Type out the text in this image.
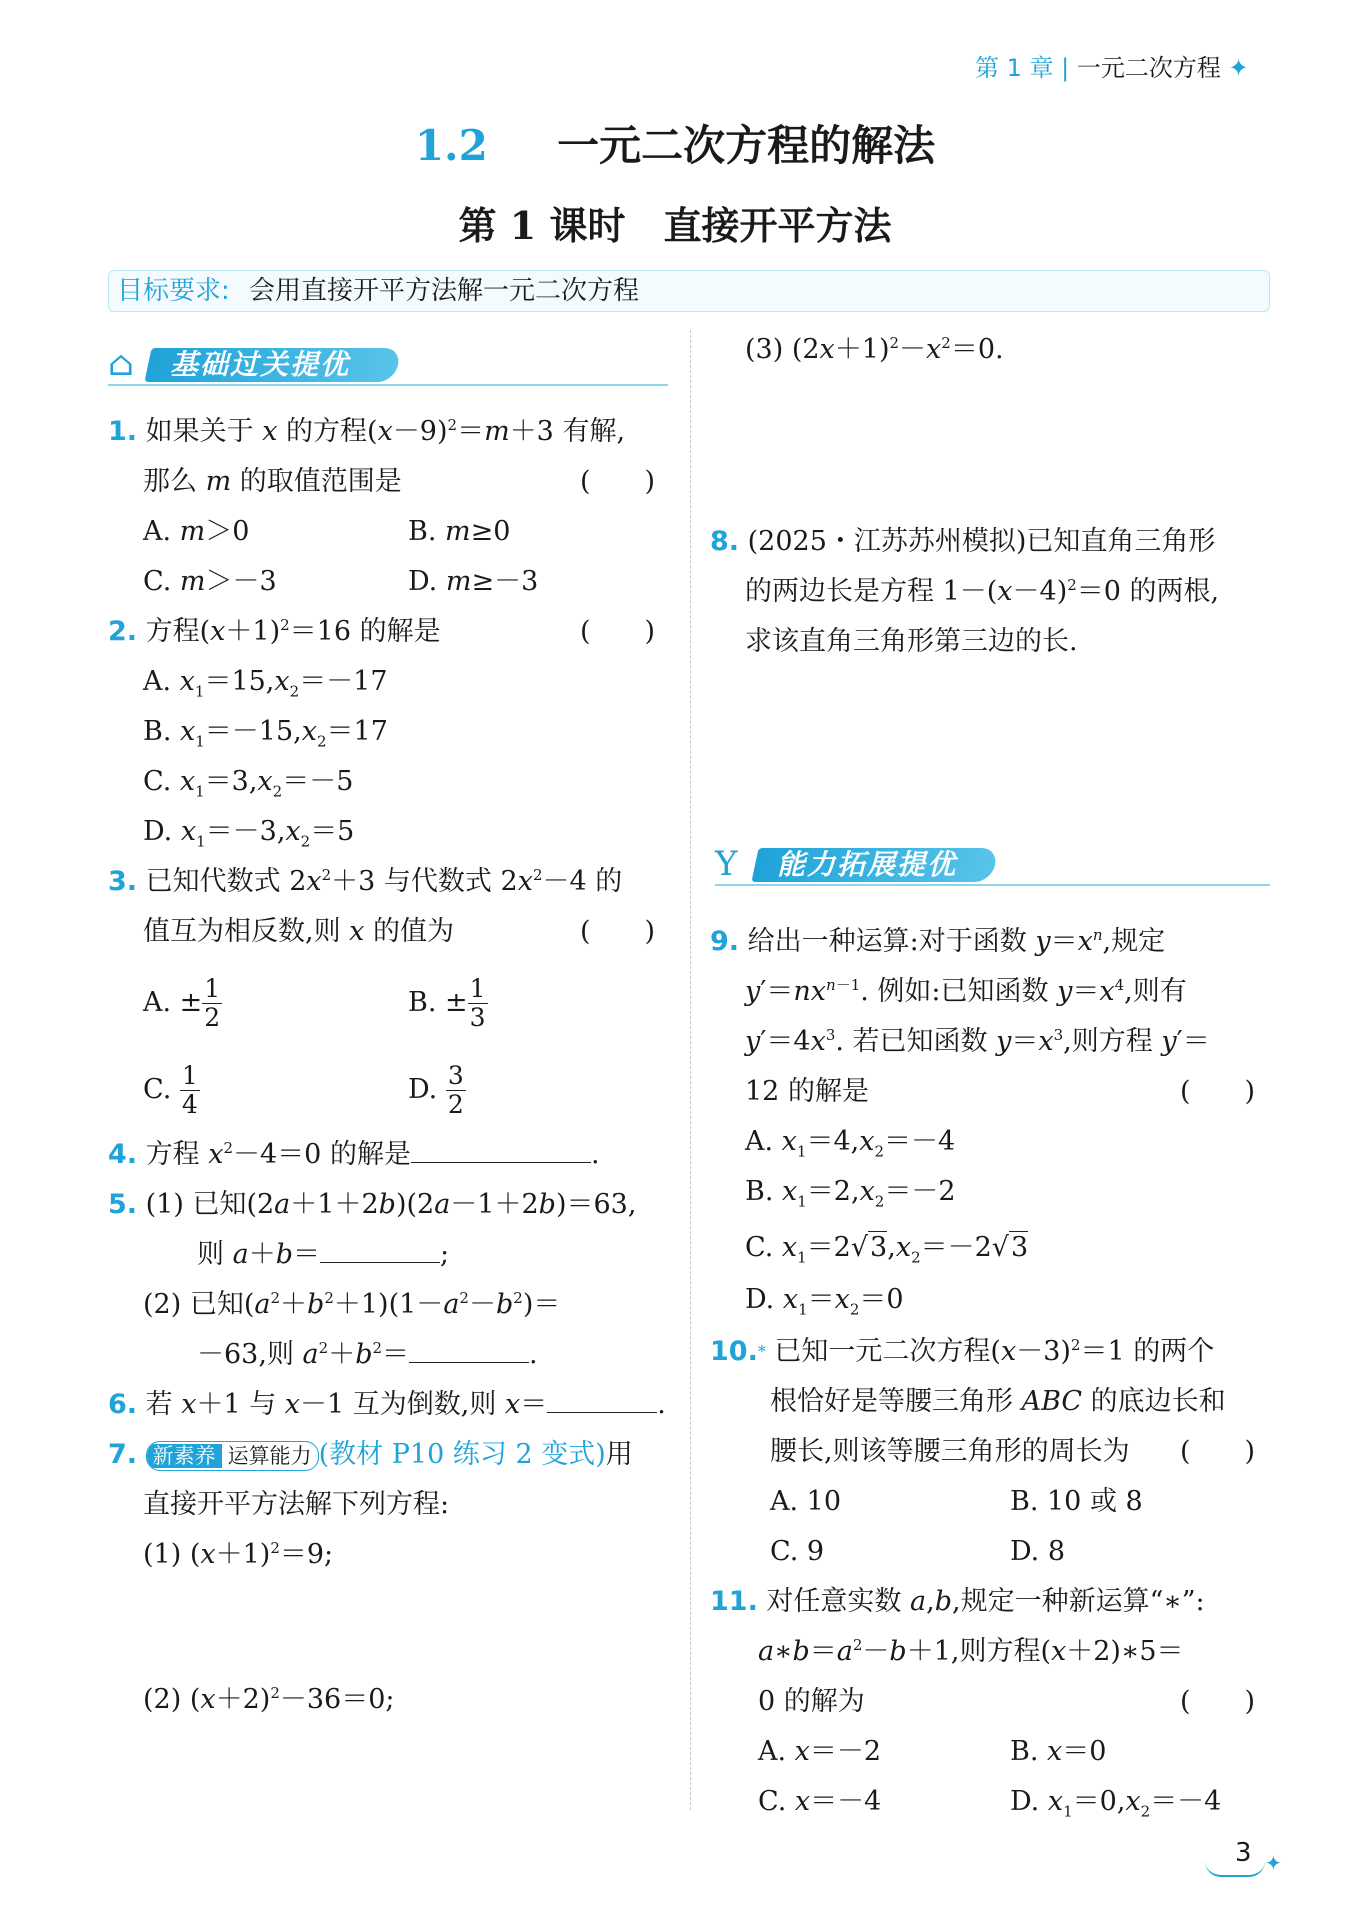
第 1 章 | 一元二次方程 ✦
1.2 一元二次方程的解法
第 1 课时　直接开平方法
目标要求: 会用直接开平方法解一元二次方程
⌂ 基础过关提优
1. 如果关于 x 的方程$(x-9)^2=m+3$ 有解,
那么 m 的取值范围是	(　　)
A. m＞0	B. m≥0
C. m＞－3	D. m≥－3
2. 方程$(x+1)^2=16$ 的解是	(　　)
A. $x_1=15,x_2=-17$
B. $x_1=-15,x_2=17$
C. $x_1=3,x_2=-5$
D. $x_1=-3,x_2=5$
3. 已知代数式 $2x^2+3$ 与代数式 $2x^2-4$ 的
值互为相反数,则 x 的值为	(　　)
A. ± $\frac{1}{2}$	B. ± $\frac{1}{3}$
C. $\frac{1}{4}$	D. $\frac{3}{2}$
4. 方程 $x^2-4=0$ 的解是	.
5. (1) 已知(2a＋1＋2b)(2a－1＋2b)＝63,
则 a＋b＝	;
(2) 已知$(a^2+b^2+1)(1-a^2-b^2)=$
－63,则 $a^2+b^2=$	.
6. 若 x＋1 与 x－1 互为倒数,则 x＝	.
7. 新素养 运算能力 (教材 P10 练习 2 变式)用
直接开平方法解下列方程:
(1) $(x+1)^2=9$;
(2) $(x+2)^2-36=0$;
(3) $(2x+1)^2-x^2=0$.
8. (2025・江苏苏州模拟)已知直角三角形
的两边长是方程 $1-(x-4)^2=0$ 的两根,
求该直角三角形第三边的长.
Y 能力拓展提优
9. 给出一种运算:对于函数 $y=x^n$,规定
$y'=nx^{n-1}$. 例如:已知函数 $y=x^4$,则有
$y'=4x^3$. 若已知函数 $y=x^3$,则方程 y′＝
12 的解是	(　　)
A. $x_1=4,x_2=-4$
B. $x_1=2,x_2=-2$
C. $x_1=2√3,x_2=-2√3$
D. $x_1=x_2=0$
10.* 已知一元二次方程$(x-3)^2=1$ 的两个
根恰好是等腰三角形 ABC 的底边长和
腰长,则该等腰三角形的周长为 (　　)
A. 10	B. 10 或 8
C. 9	D. 8
11. 对任意实数 a,b,规定一种新运算“∗”:
$a∗b=a^2-b+1$,则方程(x＋2)∗5＝
0 的解为	(　　)
A. x＝－2	B. x＝0
C. x＝－4	D. $x_1=0,x_2=-4$
3 ✦
